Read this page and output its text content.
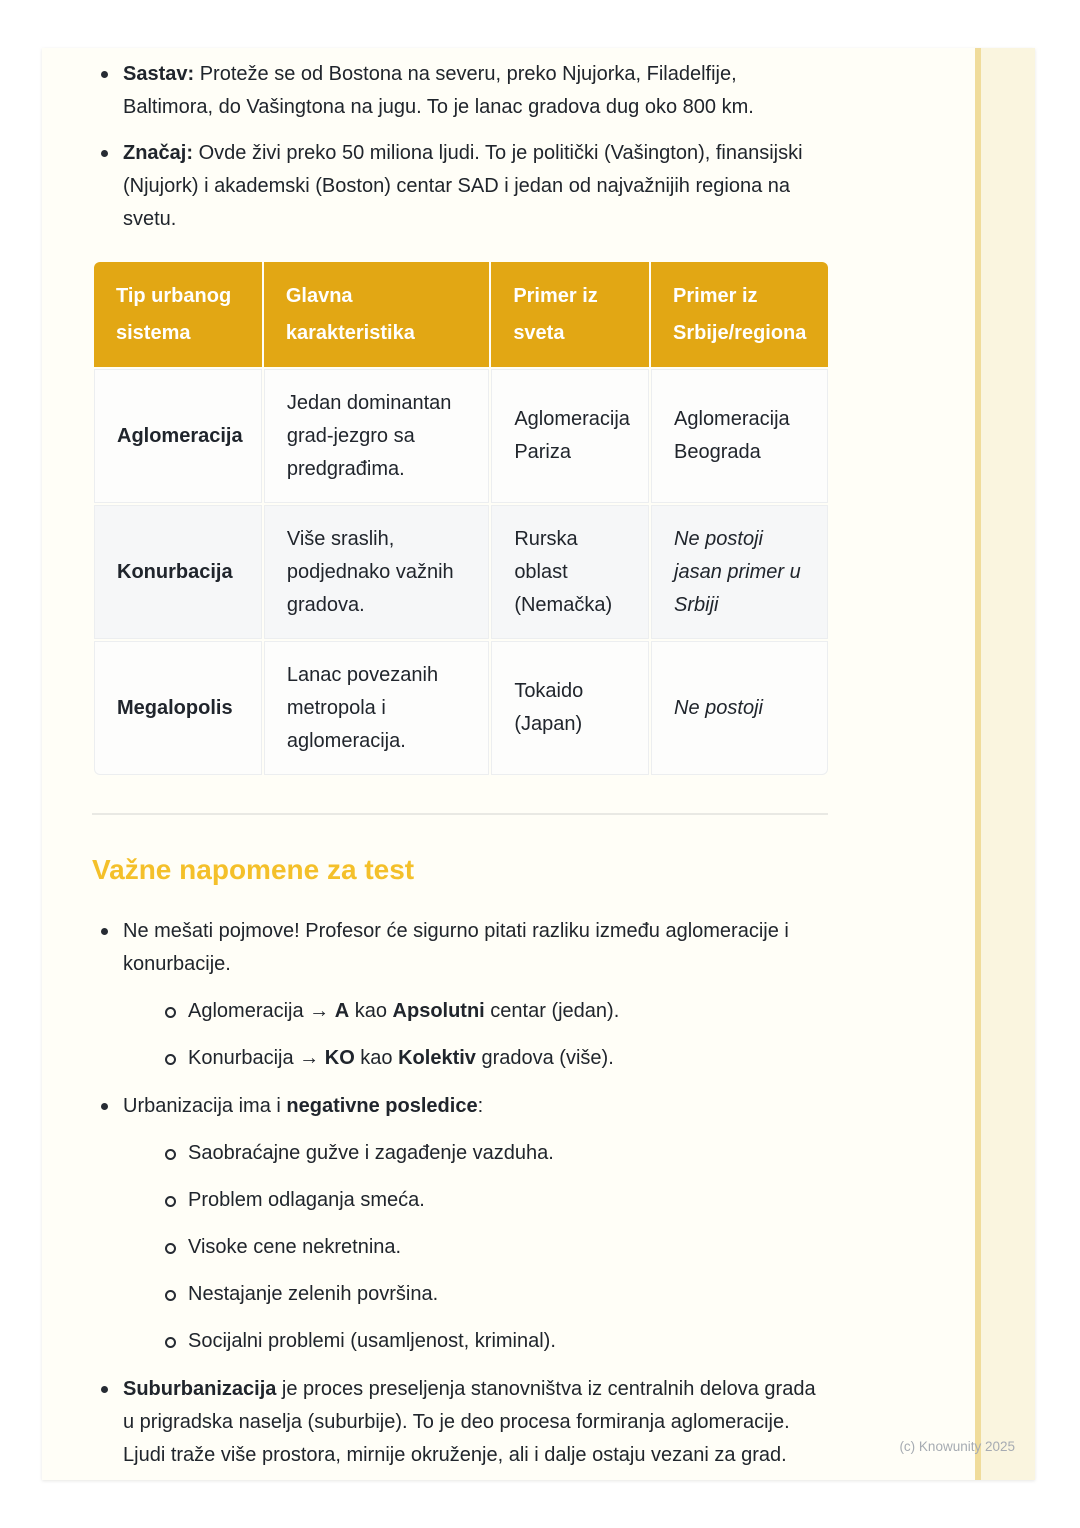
Sastav: Proteže se od Bostona na severu, preko Njujorka, Filadelfije, Baltimora, do Vašingtona na jugu. To je lanac gradova dug oko 800 km.
Značaj: Ovde živi preko 50 miliona ljudi. To je politički (Vašington), finansijski (Njujork) i akademski (Boston) centar SAD i jedan od najvažnijih regiona na svetu.
Tip urbanog sistema	Glavna karakteristika	Primer iz sveta	Primer iz Srbije/regiona
Aglomeracija	Jedan dominantan grad-jezgro sa predgrađima.	Aglomeracija Pariza	Aglomeracija Beograda
Konurbacija	Više sraslih, podjednako važnih gradova.	Rurska oblast (Nemačka)	Ne postoji jasan primer u Srbiji
Megalopolis	Lanac povezanih metropola i aglomeracija.	Tokaido (Japan)	Ne postoji
Važne napomene za test
Ne mešati pojmove! Profesor će sigurno pitati razliku između aglomeracije i konurbacije.
Aglomeracija → A kao Apsolutni centar (jedan).
Konurbacija → KO kao Kolektiv gradova (više).
Urbanizacija ima i negativne posledice:
Saobraćajne gužve i zagađenje vazduha.
Problem odlaganja smeća.
Visoke cene nekretnina.
Nestajanje zelenih površina.
Socijalni problemi (usamljenost, kriminal).
Suburbanizacija je proces preseljenja stanovništva iz centralnih delova grada u prigradska naselja (suburbije). To je deo procesa formiranja aglomeracije. Ljudi traže više prostora, mirnije okruženje, ali i dalje ostaju vezani za grad.	(c) Knowunity 2025
